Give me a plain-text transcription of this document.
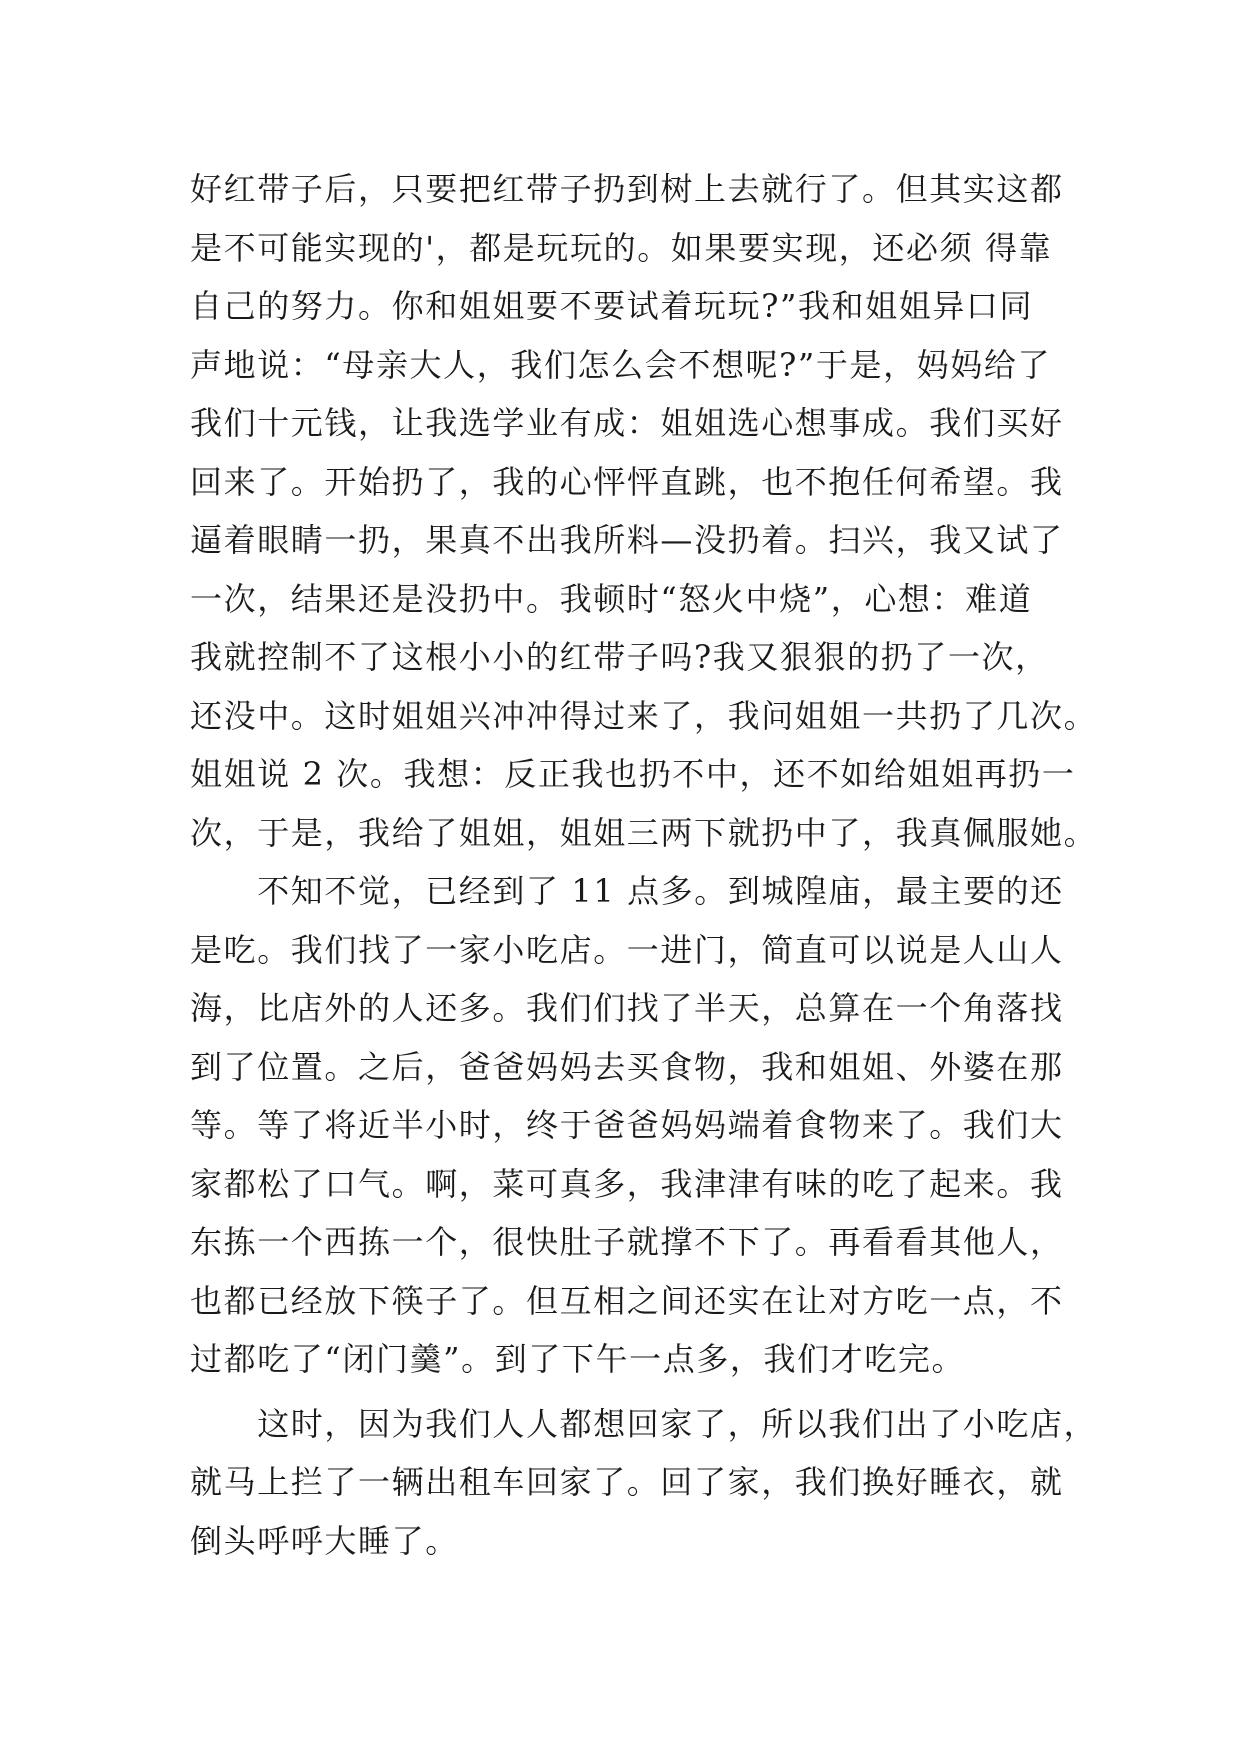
好红带子后，只要把红带子扔到树上去就行了。但其实这都
是不可能实现的'，都是玩玩的。如果要实现，还必须 得靠
自己的努力。你和姐姐要不要试着玩玩?”我和姐姐异口同
声地说：“母亲大人，我们怎么会不想呢?”于是，妈妈给了
我们十元钱，让我选学业有成：姐姐选心想事成。我们买好
回来了。开始扔了，我的心怦怦直跳，也不抱任何希望。我
逼着眼睛一扔，果真不出我所料—没扔着。扫兴，我又试了
一次，结果还是没扔中。我顿时“怒火中烧”，心想：难道
我就控制不了这根小小的红带子吗?我又狠狠的扔了一次，
还没中。这时姐姐兴冲冲得过来了，我问姐姐一共扔了几次。
姐姐说 2 次。我想：反正我也扔不中，还不如给姐姐再扔一
次，于是，我给了姐姐，姐姐三两下就扔中了，我真佩服她。
　　不知不觉，已经到了 11 点多。到城隍庙，最主要的还
是吃。我们找了一家小吃店。一进门，简直可以说是人山人
海，比店外的人还多。我们们找了半天，总算在一个角落找
到了位置。之后，爸爸妈妈去买食物，我和姐姐、外婆在那
等。等了将近半小时，终于爸爸妈妈端着食物来了。我们大
家都松了口气。啊，菜可真多，我津津有味的吃了起来。我
东拣一个西拣一个，很快肚子就撑不下了。再看看其他人，
也都已经放下筷子了。但互相之间还实在让对方吃一点，不
过都吃了“闭门羹”。到了下午一点多，我们才吃完。
　　这时，因为我们人人都想回家了，所以我们出了小吃店，
就马上拦了一辆出租车回家了。回了家，我们换好睡衣，就
倒头呼呼大睡了。
